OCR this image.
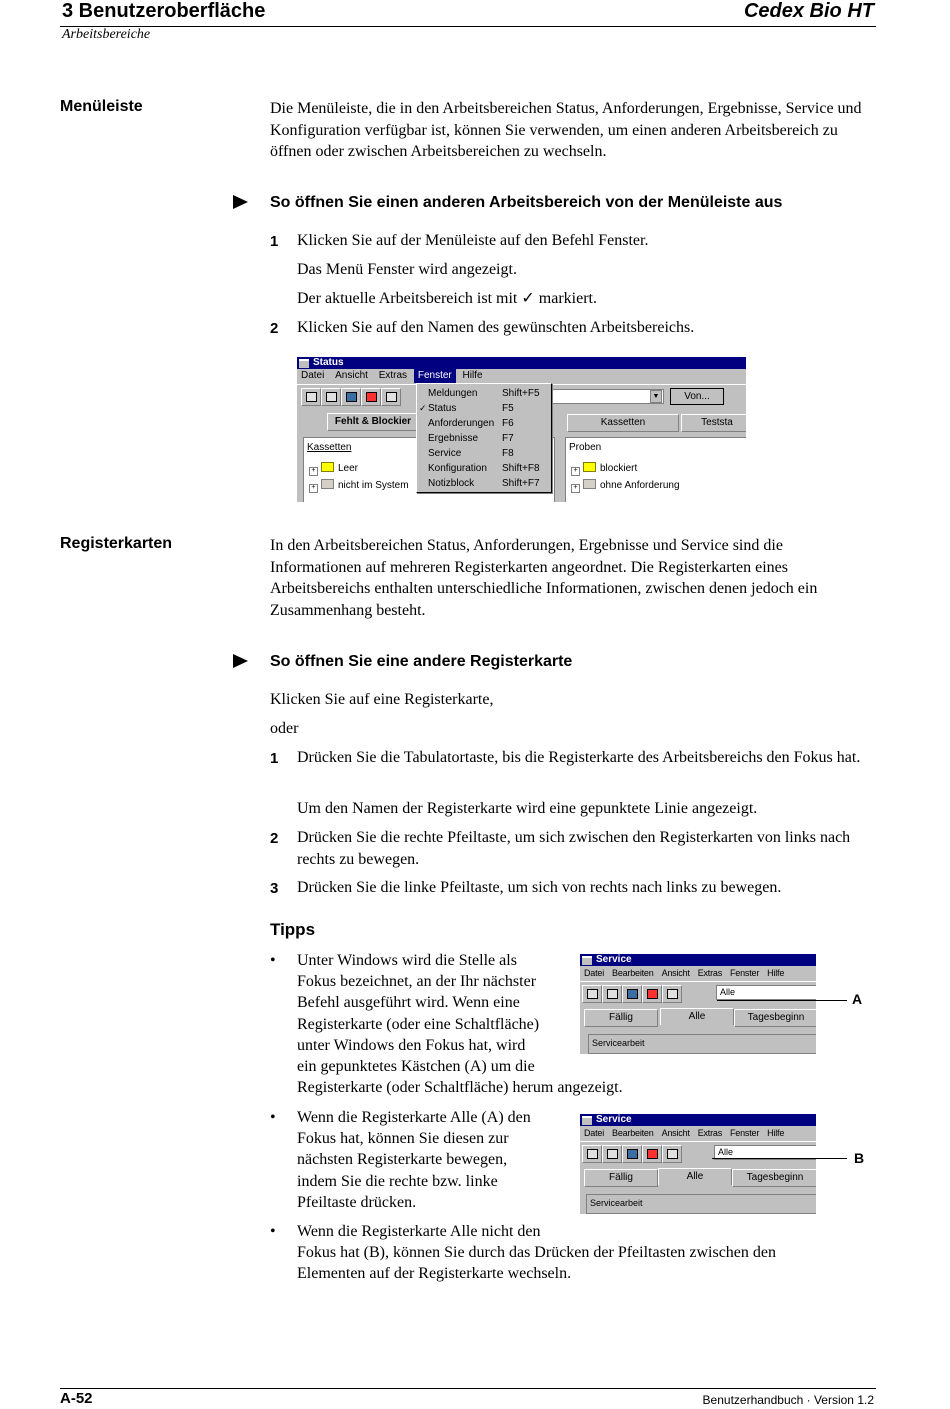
3 Benutzeroberfläche	Cedex Bio HT
Arbeitsbereiche
Menüleiste	Die Menüleiste, die in den Arbeitsbereichen Status, Anforderungen, Ergebnisse, Service und Konfiguration verfügbar ist, können Sie verwenden, um einen anderen Arbeitsbereich zu öffnen oder zwischen Arbeitsbereichen zu wechseln.
So öffnen Sie einen anderen Arbeitsbereich von der Menüleiste aus
1 Klicken Sie auf der Menüleiste auf den Befehl Fenster.
Das Menü Fenster wird angezeigt.
Der aktuelle Arbeitsbereich ist mit ✓ markiert.
2 Klicken Sie auf den Namen des gewünschten Arbeitsbereichs.
Status
Datei Ansicht Extras Fenster Hilfe
▼	Von...
Fehlt & Blockier	Kassetten	Teststa
Kassetten
+ Leer
+ nicht im System
Proben
+ blockiert
+ ohne Anforderung
Meldungen Shift+F5
✓ Status	F5
Anforderungen F6
Ergebnisse F7
Service	F8
Konfiguration Shift+F8
Notizblock	Shift+F7
Registerkarten	In den Arbeitsbereichen Status, Anforderungen, Ergebnisse und Service sind die Informationen auf mehreren Registerkarten angeordnet. Die Registerkarten eines Arbeitsbereichs enthalten unterschiedliche Informationen, zwischen denen jedoch ein Zusammenhang besteht.
So öffnen Sie eine andere Registerkarte
Klicken Sie auf eine Registerkarte,
oder
1 Drücken Sie die Tabulatortaste, bis die Registerkarte des Arbeitsbereichs den Fokus hat.
Um den Namen der Registerkarte wird eine gepunktete Linie angezeigt.
2 Drücken Sie die rechte Pfeiltaste, um sich zwischen den Registerkarten von links nach rechts zu bewegen.
3 Drücken Sie die linke Pfeiltaste, um sich von rechts nach links zu bewegen.
Tipps
• Unter Windows wird die Stelle als
Fokus bezeichnet, an der Ihr nächster
Befehl ausgeführt wird. Wenn eine
Registerkarte (oder eine Schaltfläche)
unter Windows den Fokus hat, wird
ein gepunktetes Kästchen (A) um die
Registerkarte (oder Schaltfläche) herum angezeigt.
• Wenn die Registerkarte Alle (A) den
Fokus hat, können Sie diesen zur
nächsten Registerkarte bewegen,
indem Sie die rechte bzw. linke
Pfeiltaste drücken.
• Wenn die Registerkarte Alle nicht den
Fokus hat (B), können Sie durch das Drücken der Pfeiltasten zwischen den
Elementen auf der Registerkarte wechseln.
Service
Datei Bearbeiten Ansicht Extras Fenster Hilfe
Alle
Fällig	Alle	Tagesbeginn
Servicearbeit
A
Service
Datei Bearbeiten Ansicht Extras Fenster Hilfe
Alle
Fällig	Alle	Tagesbeginn
Servicearbeit
B
A-52	Benutzerhandbuch · Version 1.2
